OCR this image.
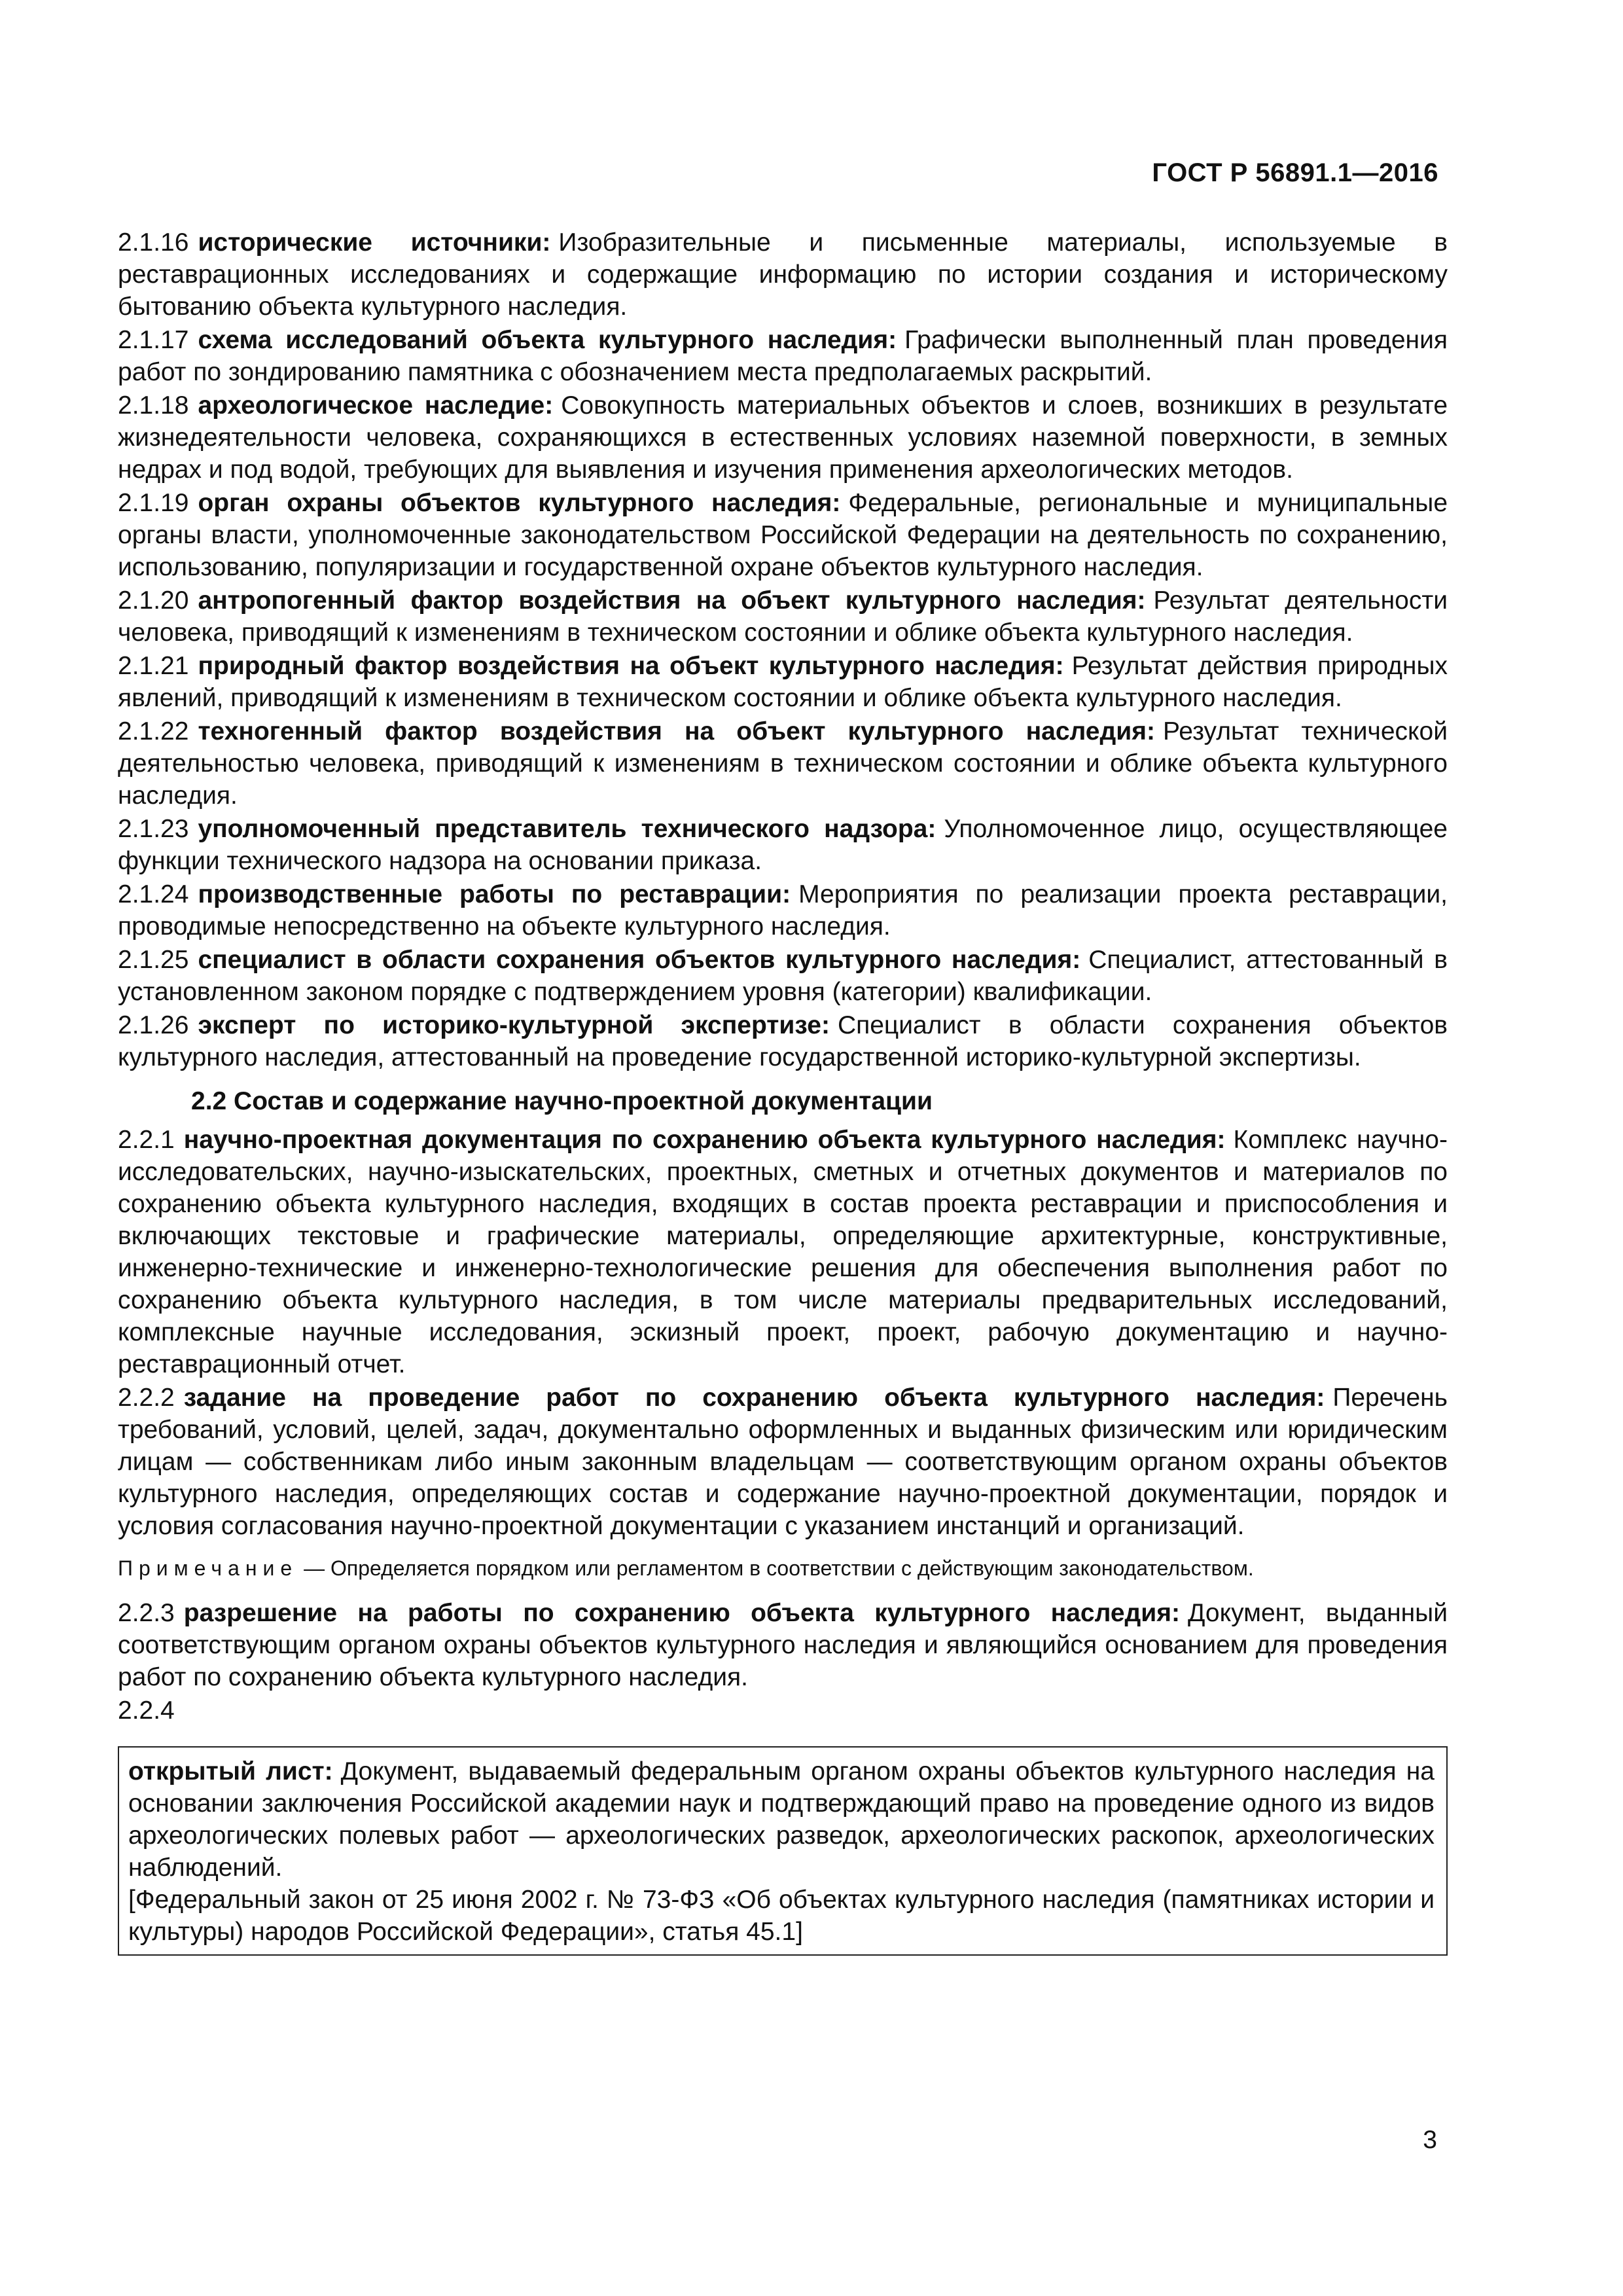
ГОСТ Р 56891.1—2016
2.1.16 исторические источники: Изобразительные и письменные материалы, используемые в реставрационных исследованиях и содержащие информацию по истории создания и историческому бытованию объекта культурного наследия.
2.1.17 схема исследований объекта культурного наследия: Графически выполненный план проведения работ по зондированию памятника с обозначением места предполагаемых раскрытий.
2.1.18 археологическое наследие: Совокупность материальных объектов и слоев, возникших в результате жизнедеятельности человека, сохраняющихся в естественных условиях наземной поверхности, в земных недрах и под водой, требующих для выявления и изучения применения археологических методов.
2.1.19 орган охраны объектов культурного наследия: Федеральные, региональные и муниципальные органы власти, уполномоченные законодательством Российской Федерации на деятельность по сохранению, использованию, популяризации и государственной охране объектов культурного наследия.
2.1.20 антропогенный фактор воздействия на объект культурного наследия: Результат деятельности человека, приводящий к изменениям в техническом состоянии и облике объекта культурного наследия.
2.1.21 природный фактор воздействия на объект культурного наследия: Результат действия природных явлений, приводящий к изменениям в техническом состоянии и облике объекта культурного наследия.
2.1.22 техногенный фактор воздействия на объект культурного наследия: Результат технической деятельностью человека, приводящий к изменениям в техническом состоянии и облике объекта культурного наследия.
2.1.23 уполномоченный представитель технического надзора: Уполномоченное лицо, осуществляющее функции технического надзора на основании приказа.
2.1.24 производственные работы по реставрации: Мероприятия по реализации проекта реставрации, проводимые непосредственно на объекте культурного наследия.
2.1.25 специалист в области сохранения объектов культурного наследия: Специалист, аттестованный в установленном законом порядке с подтверждением уровня (категории) квалификации.
2.1.26 эксперт по историко-культурной экспертизе: Специалист в области сохранения объектов культурного наследия, аттестованный на проведение государственной историко-культурной экспертизы.
2.2 Состав и содержание научно-проектной документации
2.2.1 научно-проектная документация по сохранению объекта культурного наследия: Комплекс научно-исследовательских, научно-изыскательских, проектных, сметных и отчетных документов и материалов по сохранению объекта культурного наследия, входящих в состав проекта реставрации и приспособления и включающих текстовые и графические материалы, определяющие архитектурные, конструктивные, инженерно-технические и инженерно-технологические решения для обеспечения выполнения работ по сохранению объекта культурного наследия, в том числе материалы предварительных исследований, комплексные научные исследования, эскизный проект, проект, рабочую документацию и научно-реставрационный отчет.
2.2.2 задание на проведение работ по сохранению объекта культурного наследия: Перечень требований, условий, целей, задач, документально оформленных и выданных физическим или юридическим лицам — собственникам либо иным законным владельцам — соответствующим органом охраны объектов культурного наследия, определяющих состав и содержание научно-проектной документации, порядок и условия согласования научно-проектной документации с указанием инстанций и организаций.
Примечание — Определяется порядком или регламентом в соответствии с действующим законодательством.
2.2.3 разрешение на работы по сохранению объекта культурного наследия: Документ, выданный соответствующим органом охраны объектов культурного наследия и являющийся основанием для проведения работ по сохранению объекта культурного наследия.
2.2.4
открытый лист: Документ, выдаваемый федеральным органом охраны объектов культурного наследия на основании заключения Российской академии наук и подтверждающий право на проведение одного из видов археологических полевых работ — археологических разведок, археологических раскопок, археологических наблюдений.
[Федеральный закон от 25 июня 2002 г. № 73-ФЗ «Об объектах культурного наследия (памятниках истории и культуры) народов Российской Федерации», статья 45.1]
3
